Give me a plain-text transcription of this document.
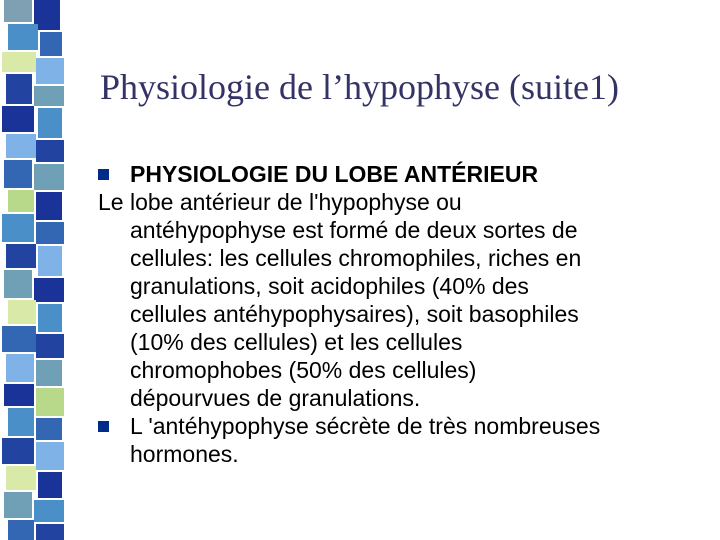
Physiologie de l’hypophyse (suite1)
PHYSIOLOGIE DU LOBE ANTÉRIEUR
Le lobe antérieur de l'hypophyse ou
antéhypophyse est formé de deux sortes de
cellules: les cellules chromophiles, riches en
granulations, soit acidophiles (40% des
cellules antéhypophysaires), soit basophiles
(10% des cellules) et les cellules
chromophobes (50% des cellules)
dépourvues de granulations.
L 'antéhypophyse sécrète de très nombreuses
hormones.
